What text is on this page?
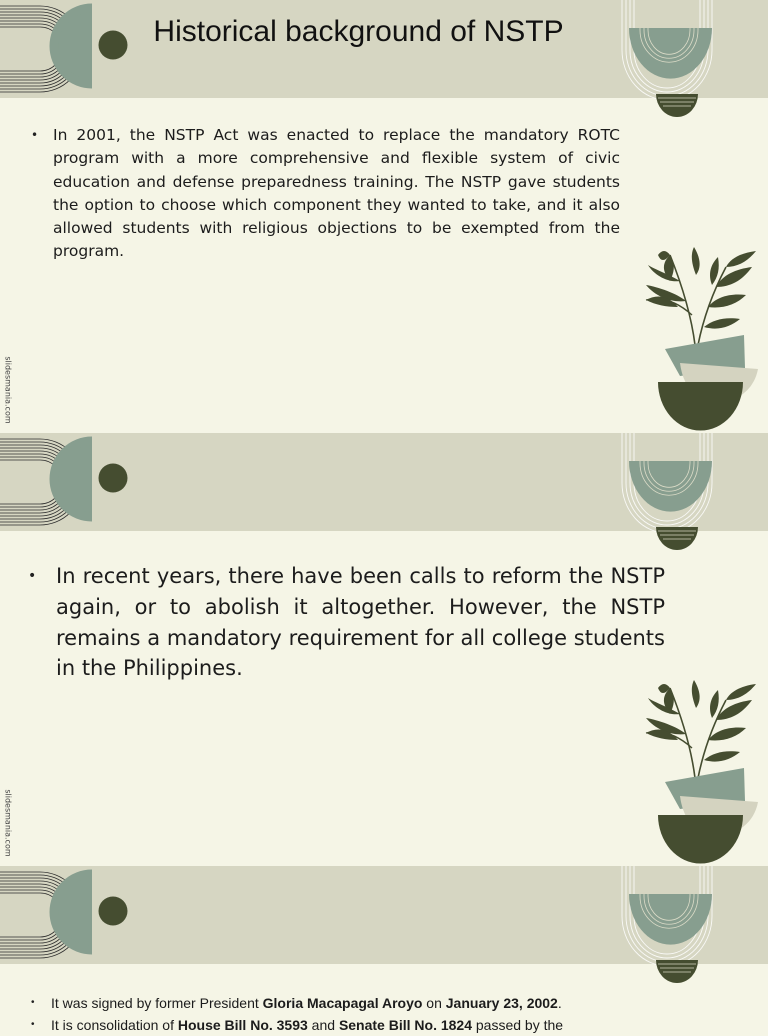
Historical background of NSTP
• In 2001, the NSTP Act was enacted to replace the mandatory ROTC program with a more comprehensive and flexible system of civic education and defense preparedness training. The NSTP gave students the option to choose which component they wanted to take, and it also allowed students with religious objections to be exempted from the program.
slidesmania.com
• In recent years, there have been calls to reform the NSTP again, or to abolish it altogether. However, the NSTP remains a mandatory requirement for all college students in the Philippines.
slidesmania.com
• It was signed by former President Gloria Macapagal Aroyo on January 23, 2002.
• It is consolidation of House Bill No. 3593 and Senate Bill No. 1824 passed by the
